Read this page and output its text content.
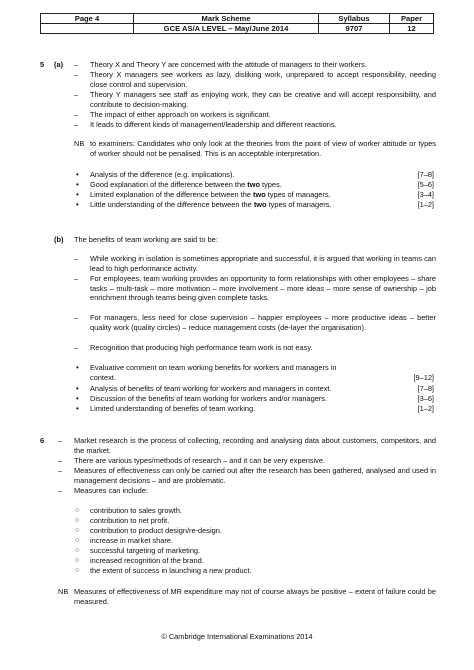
Page 4	Mark Scheme	Syllabus	Paper
	GCE AS/A LEVEL – May/June 2014	9707	12
5 (a) – Theory X and Theory Y are concerned with the attitude of managers to their workers.
– Theory X managers see workers as lazy, disliking work, unprepared to accept responsibility, needing close control and supervision.
– Theory Y managers see staff as enjoying work, they can be creative and will accept responsibility, and contribute to decision-making.
– The impact of either approach on workers is significant.
– It leads to different kinds of management/leadership and different reactions.
NB to examiners: Candidates who only look at the theories from the point of view of worker attitude or types of worker should not be penalised. This is an acceptable interpretation.
• Analysis of the difference (e.g. implications).	[7–8]
• Good explanation of the difference between the two types.	[5–6]
• Limited explanation of the difference between the two types of managers.	[3–4]
• Little understanding of the difference between the two types of managers.	[1–2]
(b) The benefits of team working are said to be:
– While working in isolation is sometimes appropriate and successful, it is argued that working in teams can lead to high performance activity.
– For employees, team working provides an opportunity to form relationships with other employees – share tasks – multi-task – more motivation – more involvement – more ideas – more sense of ownership – job enrichment through teams being given complete tasks.
– For managers, less need for close supervision – happier employees – more productive ideas – better quality work (quality circles) – reduce management costs (de-layer the organisation).
– Recognition that producing high performance team work is not easy.
• Evaluative comment on team working benefits for workers and managers in
context.	[9–12]
• Analysis of benefits of team working for workers and managers in context.	[7–8]
• Discussion of the benefits of team working for workers and/or managers.	[3–6]
• Limited understanding of benefits of team working.	[1–2]
6 – Market research is the process of collecting, recording and analysing data about customers, competitors, and the market.
– There are various types/methods of research – and it can be very expensive.
– Measures of effectiveness can only be carried out after the research has been gathered, analysed and used in management decisions – and are problematic.
– Measures can include:
○ contribution to sales growth.
○ contribution to net profit.
○ contribution to product design/re-design.
○ increase in market share.
○ successful targeting of marketing.
○ increased recognition of the brand.
○ the extent of success in launching a new product.
NB Measures of effectiveness of MR expenditure may not of course always be positive – extent of failure could be measured.
© Cambridge International Examinations 2014
